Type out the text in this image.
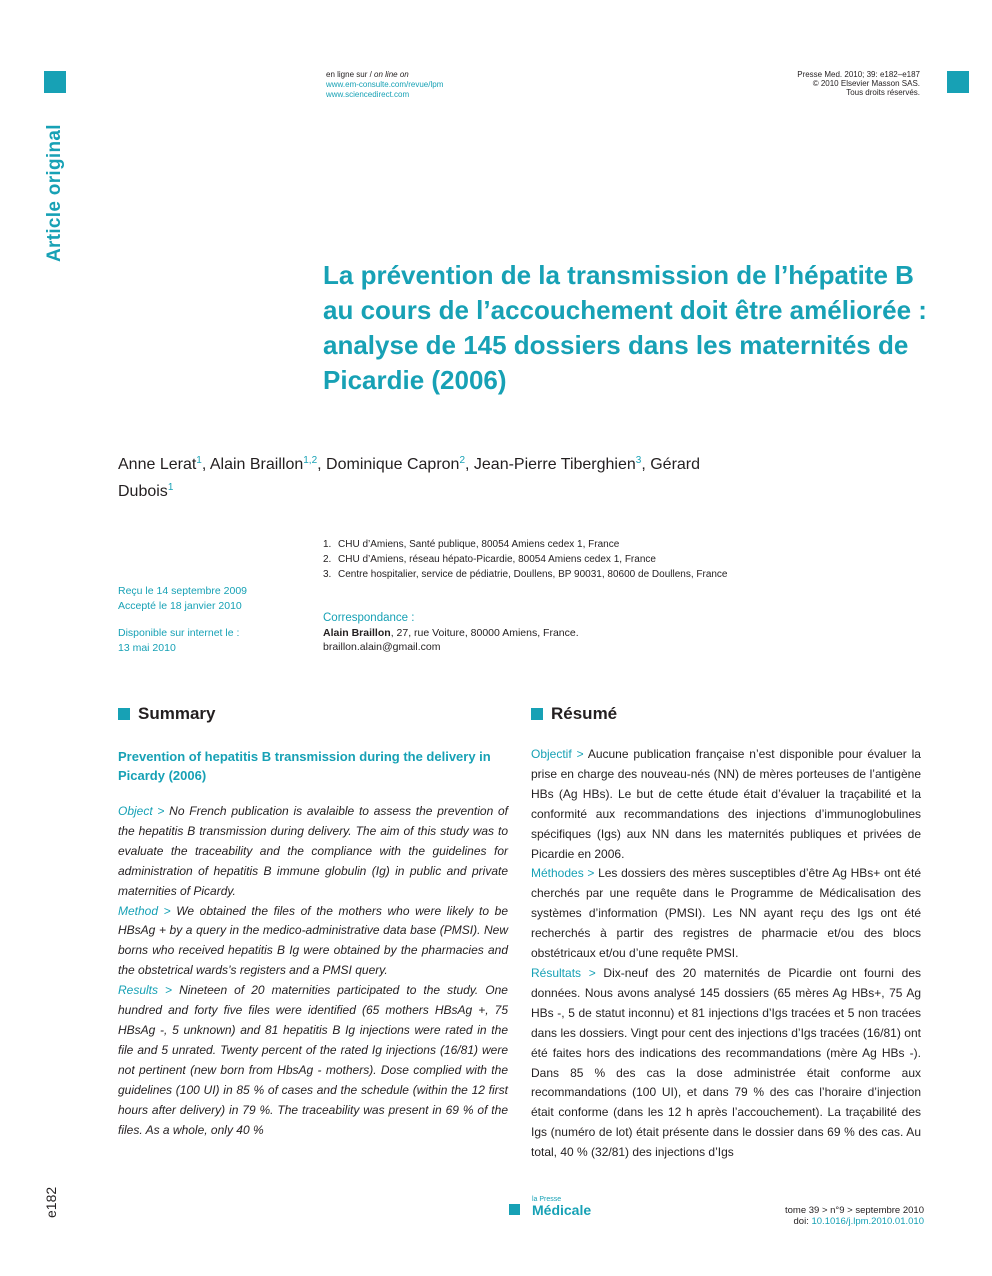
Article original
en ligne sur / on line on
www.em-consulte.com/revue/lpm
www.sciencedirect.com
Presse Med. 2010; 39: e182–e187
© 2010 Elsevier Masson SAS.
Tous droits réservés.
La prévention de la transmission de l’hépatite B au cours de l’accouchement doit être améliorée : analyse de 145 dossiers dans les maternités de Picardie (2006)
Anne Lerat$^1$, Alain Braillon$^{1,2}$, Dominique Capron$^2$, Jean-Pierre Tiberghien$^3$, Gérard Dubois$^1$
1. CHU d’Amiens, Santé publique, 80054 Amiens cedex 1, France
2. CHU d’Amiens, réseau hépato-Picardie, 80054 Amiens cedex 1, France
3. Centre hospitalier, service de pédiatrie, Doullens, BP 90031, 80600 de Doullens, France
Reçu le 14 septembre 2009
Accepté le 18 janvier 2010
Disponible sur internet le :
13 mai 2010
Correspondance :
Alain Braillon, 27, rue Voiture, 80000 Amiens, France.
braillon.alain@gmail.com
Summary	Résumé
Prevention of hepatitis B transmission during the delivery in Picardy (2006)

Object > No French publication is avalaible to assess the prevention of the hepatitis B transmission during delivery. The aim of this study was to evaluate the traceability and the compliance with the guidelines for administration of hepatitis B immune globulin (Ig) in public and private maternities of Picardy.

Method > We obtained the files of the mothers who were likely to be HBsAg + by a query in the medico-administrative data base (PMSI). New borns who received hepatitis B Ig were obtained by the pharmacies and the obstetrical wards’s registers and a PMSI query.

Results > Nineteen of 20 maternities participated to the study. One hundred and forty five files were identified (65 mothers HBsAg +, 75 HBsAg -, 5 unknown) and 81 hepatitis B Ig injections were rated in the file and 5 unrated. Twenty percent of the rated Ig injections (16/81) were not pertinent (new born from HbsAg - mothers). Dose complied with the guidelines (100 UI) in 85 % of cases and the schedule (within the 12 first hours after delivery) in 79 %. The traceability was present in 69 % of the files. As a whole, only 40 %

Objectif > Aucune publication française n’est disponible pour évaluer la prise en charge des nouveau-nés (NN) de mères porteuses de l’antigène HBs (Ag HBs). Le but de cette étude était d’évaluer la traçabilité et la conformité aux recommandations des injections d’immunoglobulines spécifiques (Igs) aux NN dans les maternités publiques et privées de Picardie en 2006.

Méthodes > Les dossiers des mères susceptibles d’être Ag HBs+ ont été cherchés par une requête dans le Programme de Médicalisation des systèmes d’information (PMSI). Les NN ayant reçu des Igs ont été recherchés à partir des registres de pharmacie et/ou des blocs obstétricaux et/ou d’une requête PMSI.

Résultats > Dix-neuf des 20 maternités de Picardie ont fourni des données. Nous avons analysé 145 dossiers (65 mères Ag HBs+, 75 Ag HBs -, 5 de statut inconnu) et 81 injections d’Igs tracées et 5 non tracées dans les dossiers. Vingt pour cent des injections d’Igs tracées (16/81) ont été faites hors des indications des recommandations (mère Ag HBs -). Dans 85 % des cas la dose administrée était conforme aux recommandations (100 UI), et dans 79 % des cas l’horaire d’injection était conforme (dans les 12 h après l’accouchement). La traçabilité des Igs (numéro de lot) était présente dans le dossier dans 69 % des cas. Au total, 40 % (32/81) des injections d’Igs

e182	la Presse
Médicale	tome 39 > n°9 > septembre 2010
doi: 10.1016/j.lpm.2010.01.010
